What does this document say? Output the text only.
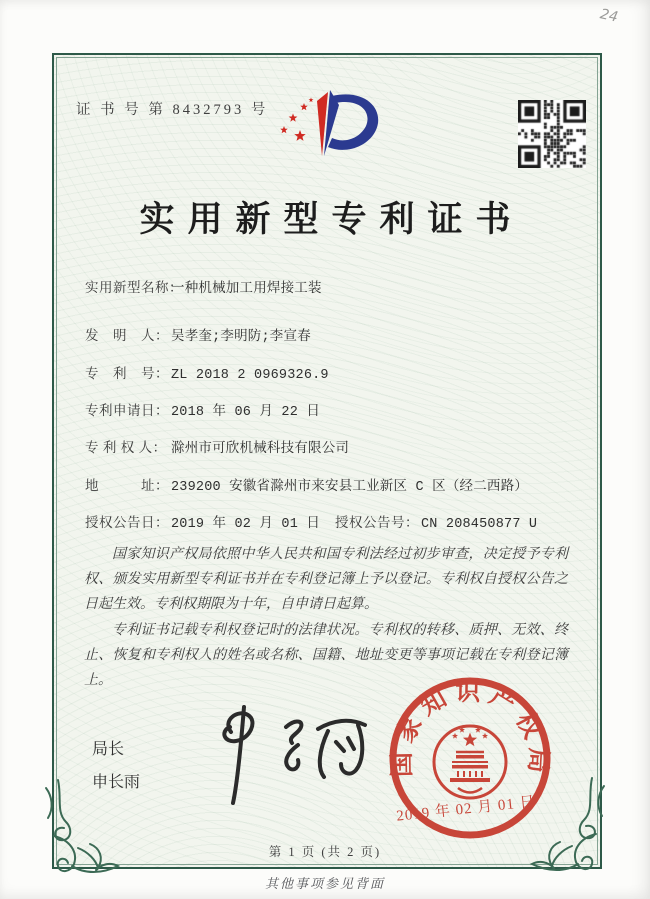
24
证 书 号 第 8432793 号
实用新型专利证书
实用新型名称：
一种机械加工用焊接工装
发　明　人： 吴孝奎;李明防;李宣春
专　利　号： ZL 2018 2 0969326.9
专利申请日： 2018 年 06 月 22 日
专 利 权 人： 滁州市可欣机械科技有限公司
地　　　址： 239200 安徽省滁州市来安县工业新区 C 区（经二西路）
授权公告日： 2019 年 02 月 01 日 授权公告号： CN 208450877 U

国家知识产权局依照中华人民共和国专利法经过初步审查，决定授予专利权、颁发实用新型专利证书并在专利登记簿上予以登记。专利权自授权公告之日起生效。专利权期限为十年，自申请日起算。

专利证书记载专利权登记时的法律状况。专利权的转移、质押、无效、终止、恢复和专利权人的姓名或名称、国籍、地址变更等事项记载在专利登记簿上。

局长
申长雨
国家知识产权局
2019 年 02 月 01 日
第 1 页 (共 2 页)
其他事项参见背面
